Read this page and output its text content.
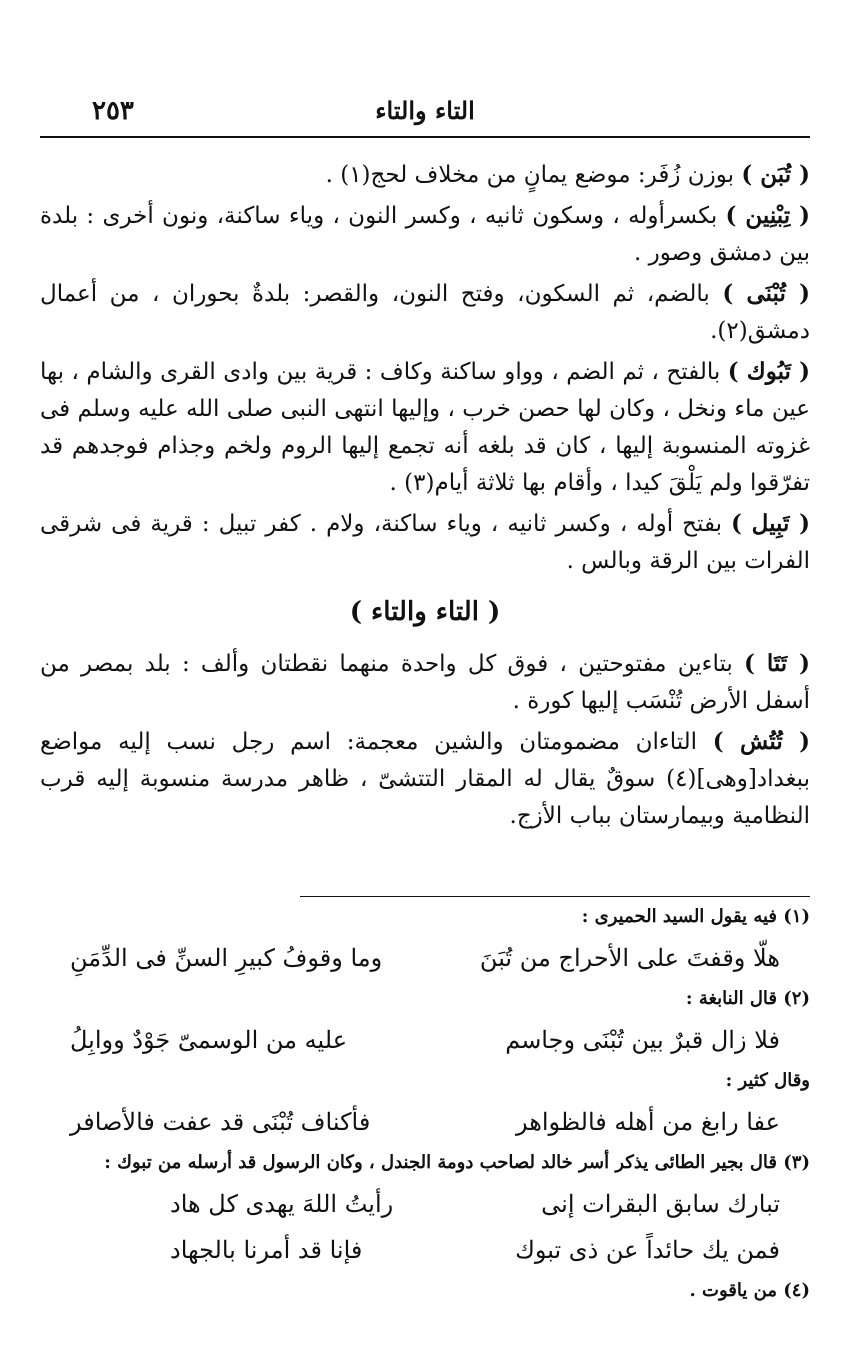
٢٥٣	التاء والتاء

( تُبَن ) بوزن زُفَر: موضع يمانٍ من مخلاف لحج(١) .

( تِبْنِين ) بكسرأوله ، وسكون ثانيه ، وكسر النون ، وياء ساكنة، ونون أخرى : بلدة بين دمشق وصور .

( تُبْنَى ) بالضم، ثم السكون، وفتح النون، والقصر: بلدةٌ بحوران ، من أعمال دمشق(٢).

( تَبُوك ) بالفتح ، ثم الضم ، وواو ساكنة وكاف : قرية بين وادى القرى والشام ، بها عين ماء ونخل ، وكان لها حصن خرب ، وإليها انتهى النبى صلى الله عليه وسلم فى غزوته المنسوبة إليها ، كان قد بلغه أنه تجمع إليها الروم ولخم وجذام فوجدهم قد تفرّقوا ولم يَلْقَ كيدا ، وأقام بها ثلاثة أيام(٣) .

( تَبِيل ) بفتح أوله ، وكسر ثانيه ، وياء ساكنة، ولام . كفر تبيل : قرية فى شرقى الفرات بين الرقة وبالس .

( التاء والتاء )

( تَتَا ) بتاءين مفتوحتين ، فوق كل واحدة منهما نقطتان وألف : بلد بمصر من أسفل الأرض تُنْسَب إليها كورة .

( تُتُش ) التاءان مضمومتان والشين معجمة: اسم رجل نسب إليه مواضع ببغداد[وهى](٤) سوقٌ يقال له المقار التتشىّ ، ظاهر مدرسة منسوبة إليه قرب النظامية وبيمارستان بباب الأزج.

(١) فيه يقول السيد الحميرى :

هلّا وقفتَ على الأحراج من تُبَنَ
وما وقوفُ كبيرِ السنِّ فى الدِّمَنِ

(٢) قال النابغة :

فلا زال قبرٌ بين تُبْنَى وجاسم
عليه من الوسمىّ جَوْدٌ ووابِلُ

وقال كثير :

عفا رابغ من أهله فالظواهر
فأكناف تُبْنَى قد عفت فالأصافر

(٣) قال بجير الطائى يذكر أسر خالد لصاحب دومة الجندل ، وكان الرسول قد أرسله من تبوك :

تبارك سابق البقرات إنى
رأيتُ اللهَ يهدى كل هاد
فمن يك حائداً عن ذى تبوك
فإنا قد أمرنا بالجهاد

(٤) من ياقوت .
